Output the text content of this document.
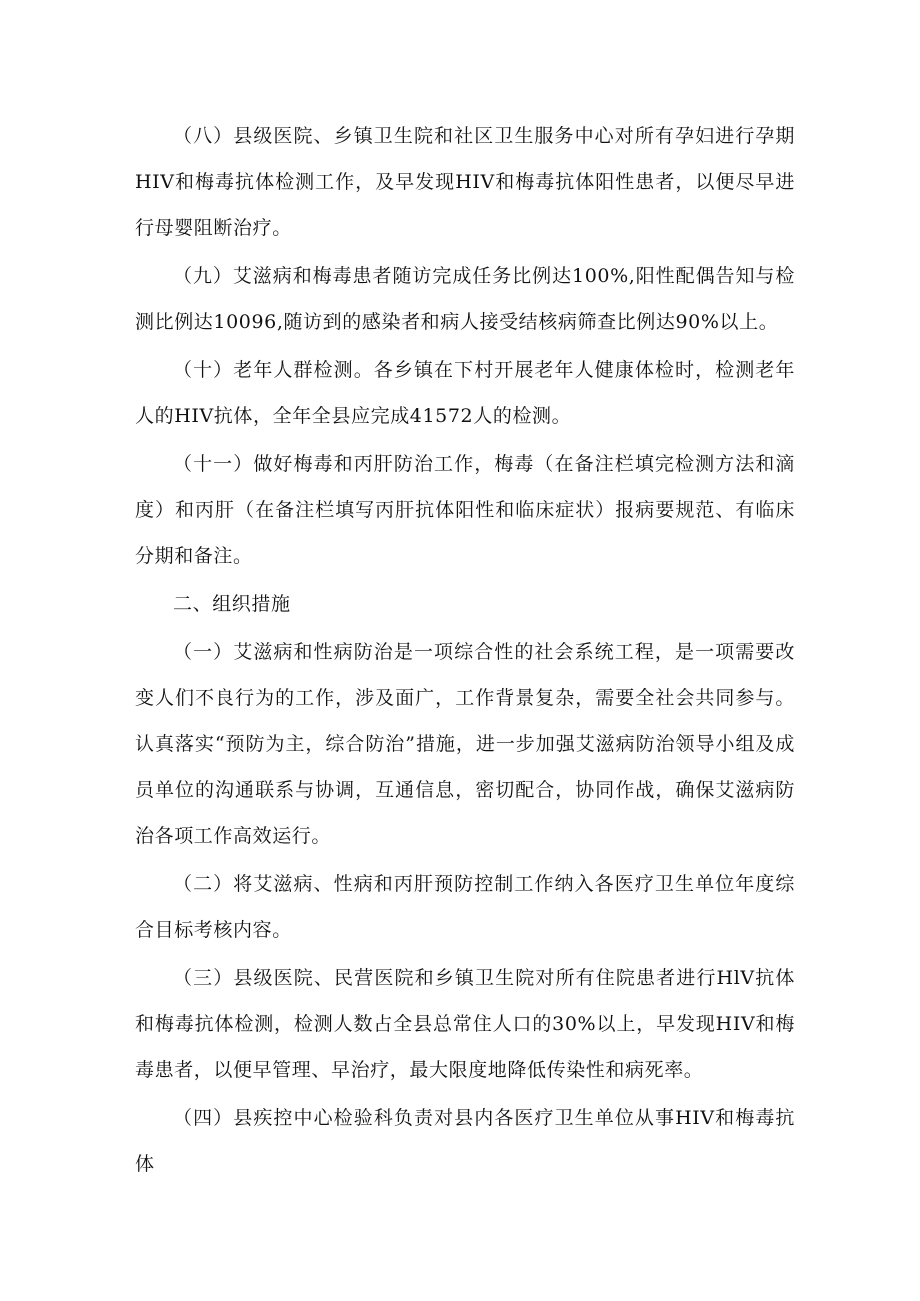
（八）县级医院、乡镇卫生院和社区卫生服务中心对所有孕妇进行孕期HIV和梅毒抗体检测工作，及早发现HIV和梅毒抗体阳性患者，以便尽早进行母婴阻断治疗。

（九）艾滋病和梅毒患者随访完成任务比例达100%,阳性配偶告知与检测比例达10096,随访到的感染者和病人接受结核病筛查比例达90%以上。

（十）老年人群检测。各乡镇在下村开展老年人健康体检时，检测老年人的HIV抗体，全年全县应完成41572人的检测。

（十一）做好梅毒和丙肝防治工作，梅毒（在备注栏填完检测方法和滴度）和丙肝（在备注栏填写丙肝抗体阳性和临床症状）报病要规范、有临床分期和备注。

二、组织措施

（一）艾滋病和性病防治是一项综合性的社会系统工程，是一项需要改变人们不良行为的工作，涉及面广，工作背景复杂，需要全社会共同参与。认真落实“预防为主，综合防治”措施，进一步加强艾滋病防治领导小组及成员单位的沟通联系与协调，互通信息，密切配合，协同作战，确保艾滋病防治各项工作高效运行。

（二）将艾滋病、性病和丙肝预防控制工作纳入各医疗卫生单位年度综合目标考核内容。

（三）县级医院、民营医院和乡镇卫生院对所有住院患者进行HlV抗体和梅毒抗体检测，检测人数占全县总常住人口的30%以上，早发现HIV和梅毒患者，以便早管理、早治疗，最大限度地降低传染性和病死率。

（四）县疾控中心检验科负责对县内各医疗卫生单位从事HIV和梅毒抗体
